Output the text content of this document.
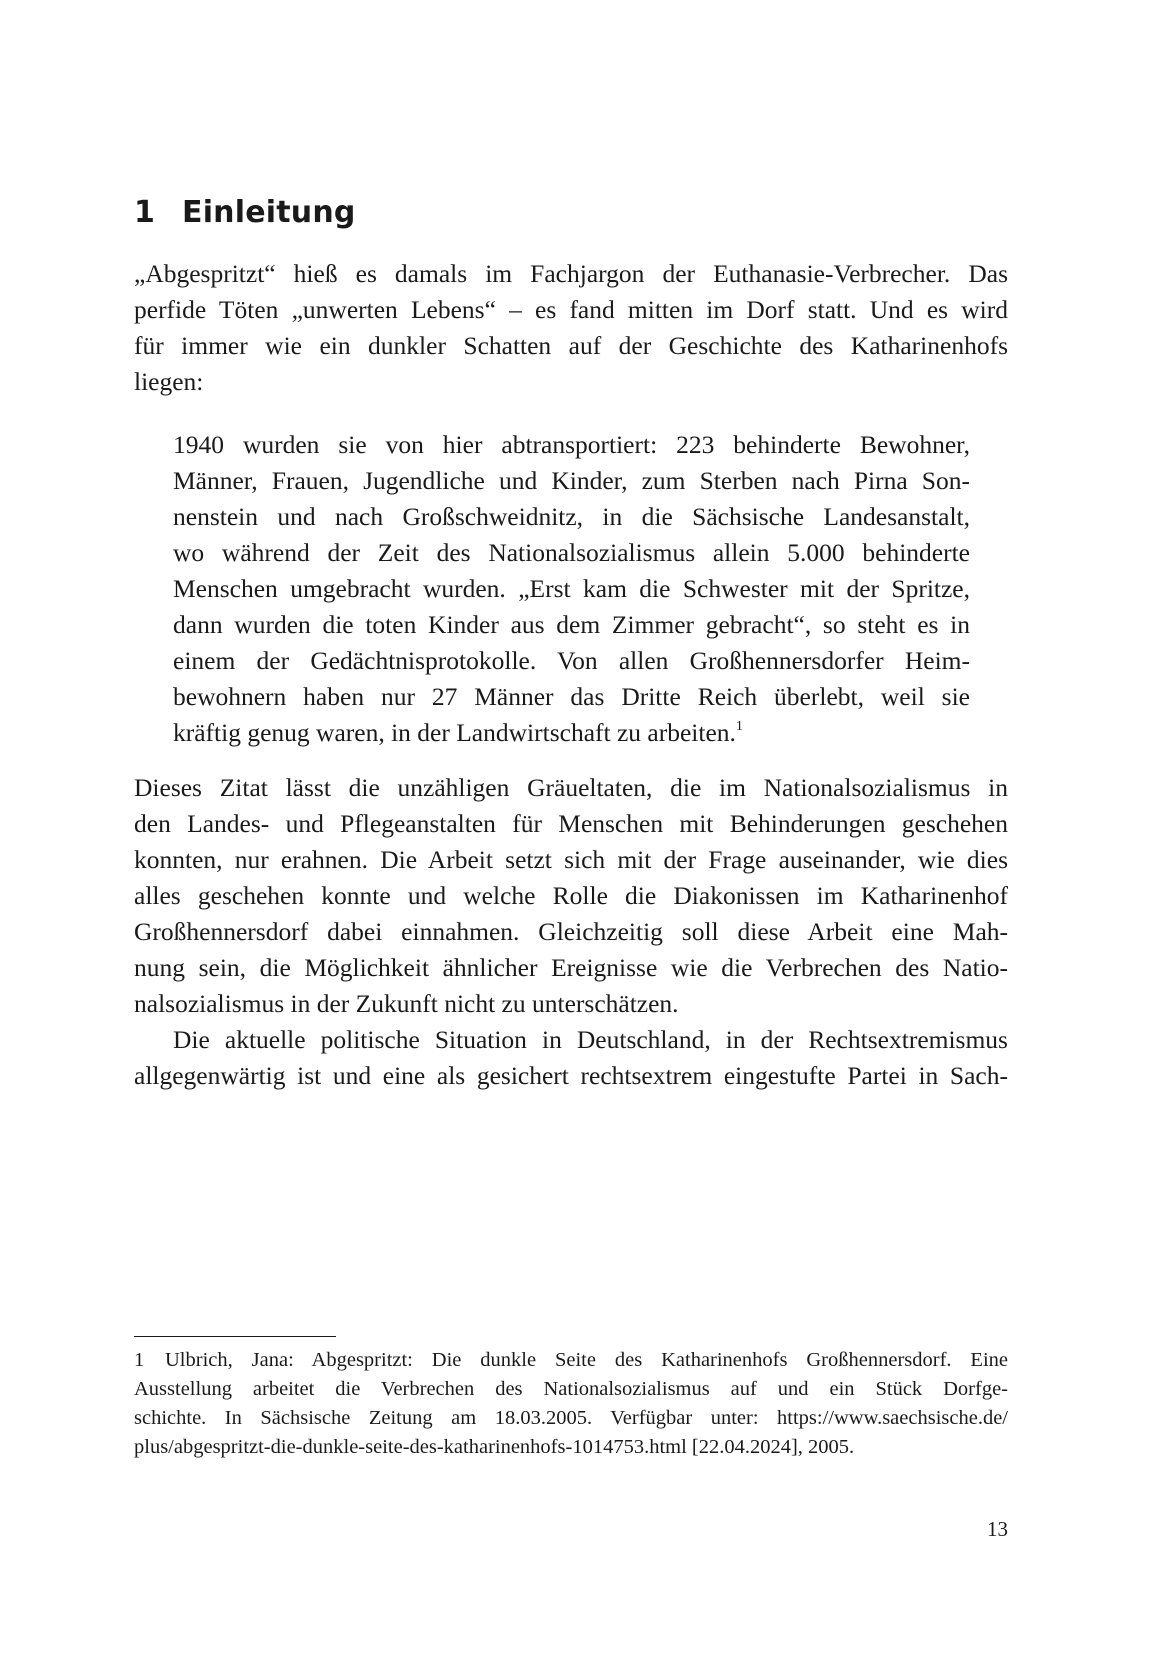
1 Einleitung
„Abgespritzt“ hieß es damals im Fachjargon der Euthanasie-Verbrecher. Das
perfide Töten „unwerten Lebens“ – es fand mitten im Dorf statt. Und es wird
für immer wie ein dunkler Schatten auf der Geschichte des Katharinenhofs
liegen:
1940 wurden sie von hier abtransportiert: 223 behinderte Bewohner,
Männer, Frauen, Jugendliche und Kinder, zum Sterben nach Pirna Son-
nenstein und nach Großschweidnitz, in die Sächsische Landesanstalt,
wo während der Zeit des Nationalsozialismus allein 5.000 behinderte
Menschen umgebracht wurden. „Erst kam die Schwester mit der Spritze,
dann wurden die toten Kinder aus dem Zimmer gebracht“, so steht es in
einem der Gedächtnisprotokolle. Von allen Großhennersdorfer Heim-
bewohnern haben nur 27 Männer das Dritte Reich überlebt, weil sie
kräftig genug waren, in der Landwirtschaft zu arbeiten.$^1$
Dieses Zitat lässt die unzähligen Gräueltaten, die im Nationalsozialismus in
den Landes- und Pflegeanstalten für Menschen mit Behinderungen geschehen
konnten, nur erahnen. Die Arbeit setzt sich mit der Frage auseinander, wie dies
alles geschehen konnte und welche Rolle die Diakonissen im Katharinenhof
Großhennersdorf dabei einnahmen. Gleichzeitig soll diese Arbeit eine Mah-
nung sein, die Möglichkeit ähnlicher Ereignisse wie die Verbrechen des Natio-
nalsozialismus in der Zukunft nicht zu unterschätzen.
Die aktuelle politische Situation in Deutschland, in der Rechtsextremismus
allgegenwärtig ist und eine als gesichert rechtsextrem eingestufte Partei in Sach-
1 Ulbrich, Jana: Abgespritzt: Die dunkle Seite des Katharinenhofs Großhennersdorf. Eine
Ausstellung arbeitet die Verbrechen des Nationalsozialismus auf und ein Stück Dorfge-
schichte. In Sächsische Zeitung am 18.03.2005. Verfügbar unter: https://www.saechsische.de/
plus/abgespritzt-die-dunkle-seite-des-katharinenhofs-1014753.html [22.04.2024], 2005.
13
